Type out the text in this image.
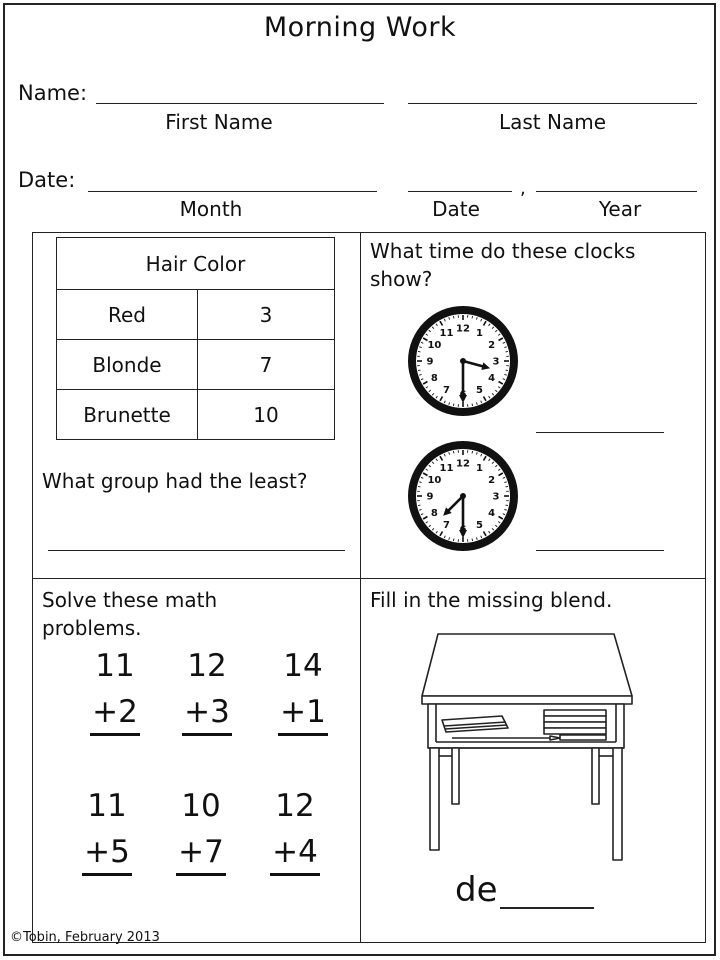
Morning Work
Name:
First Name	Last Name
Date:	,
Month	Date	Year
Hair Color	
Red	3
Blonde	7
Brunette	10
What group had the least?
What time do these clocks
show?
12 1
2
3
4
5
7
8
9
10
11
12 1
2
3
4
5
7
8
9
10
11
Solve these math
problems.
11
+2
12
+3
14
+1
11
+5
10
+7
12
+4
Fill in the missing blend.
de
©Tobin, February 2013
